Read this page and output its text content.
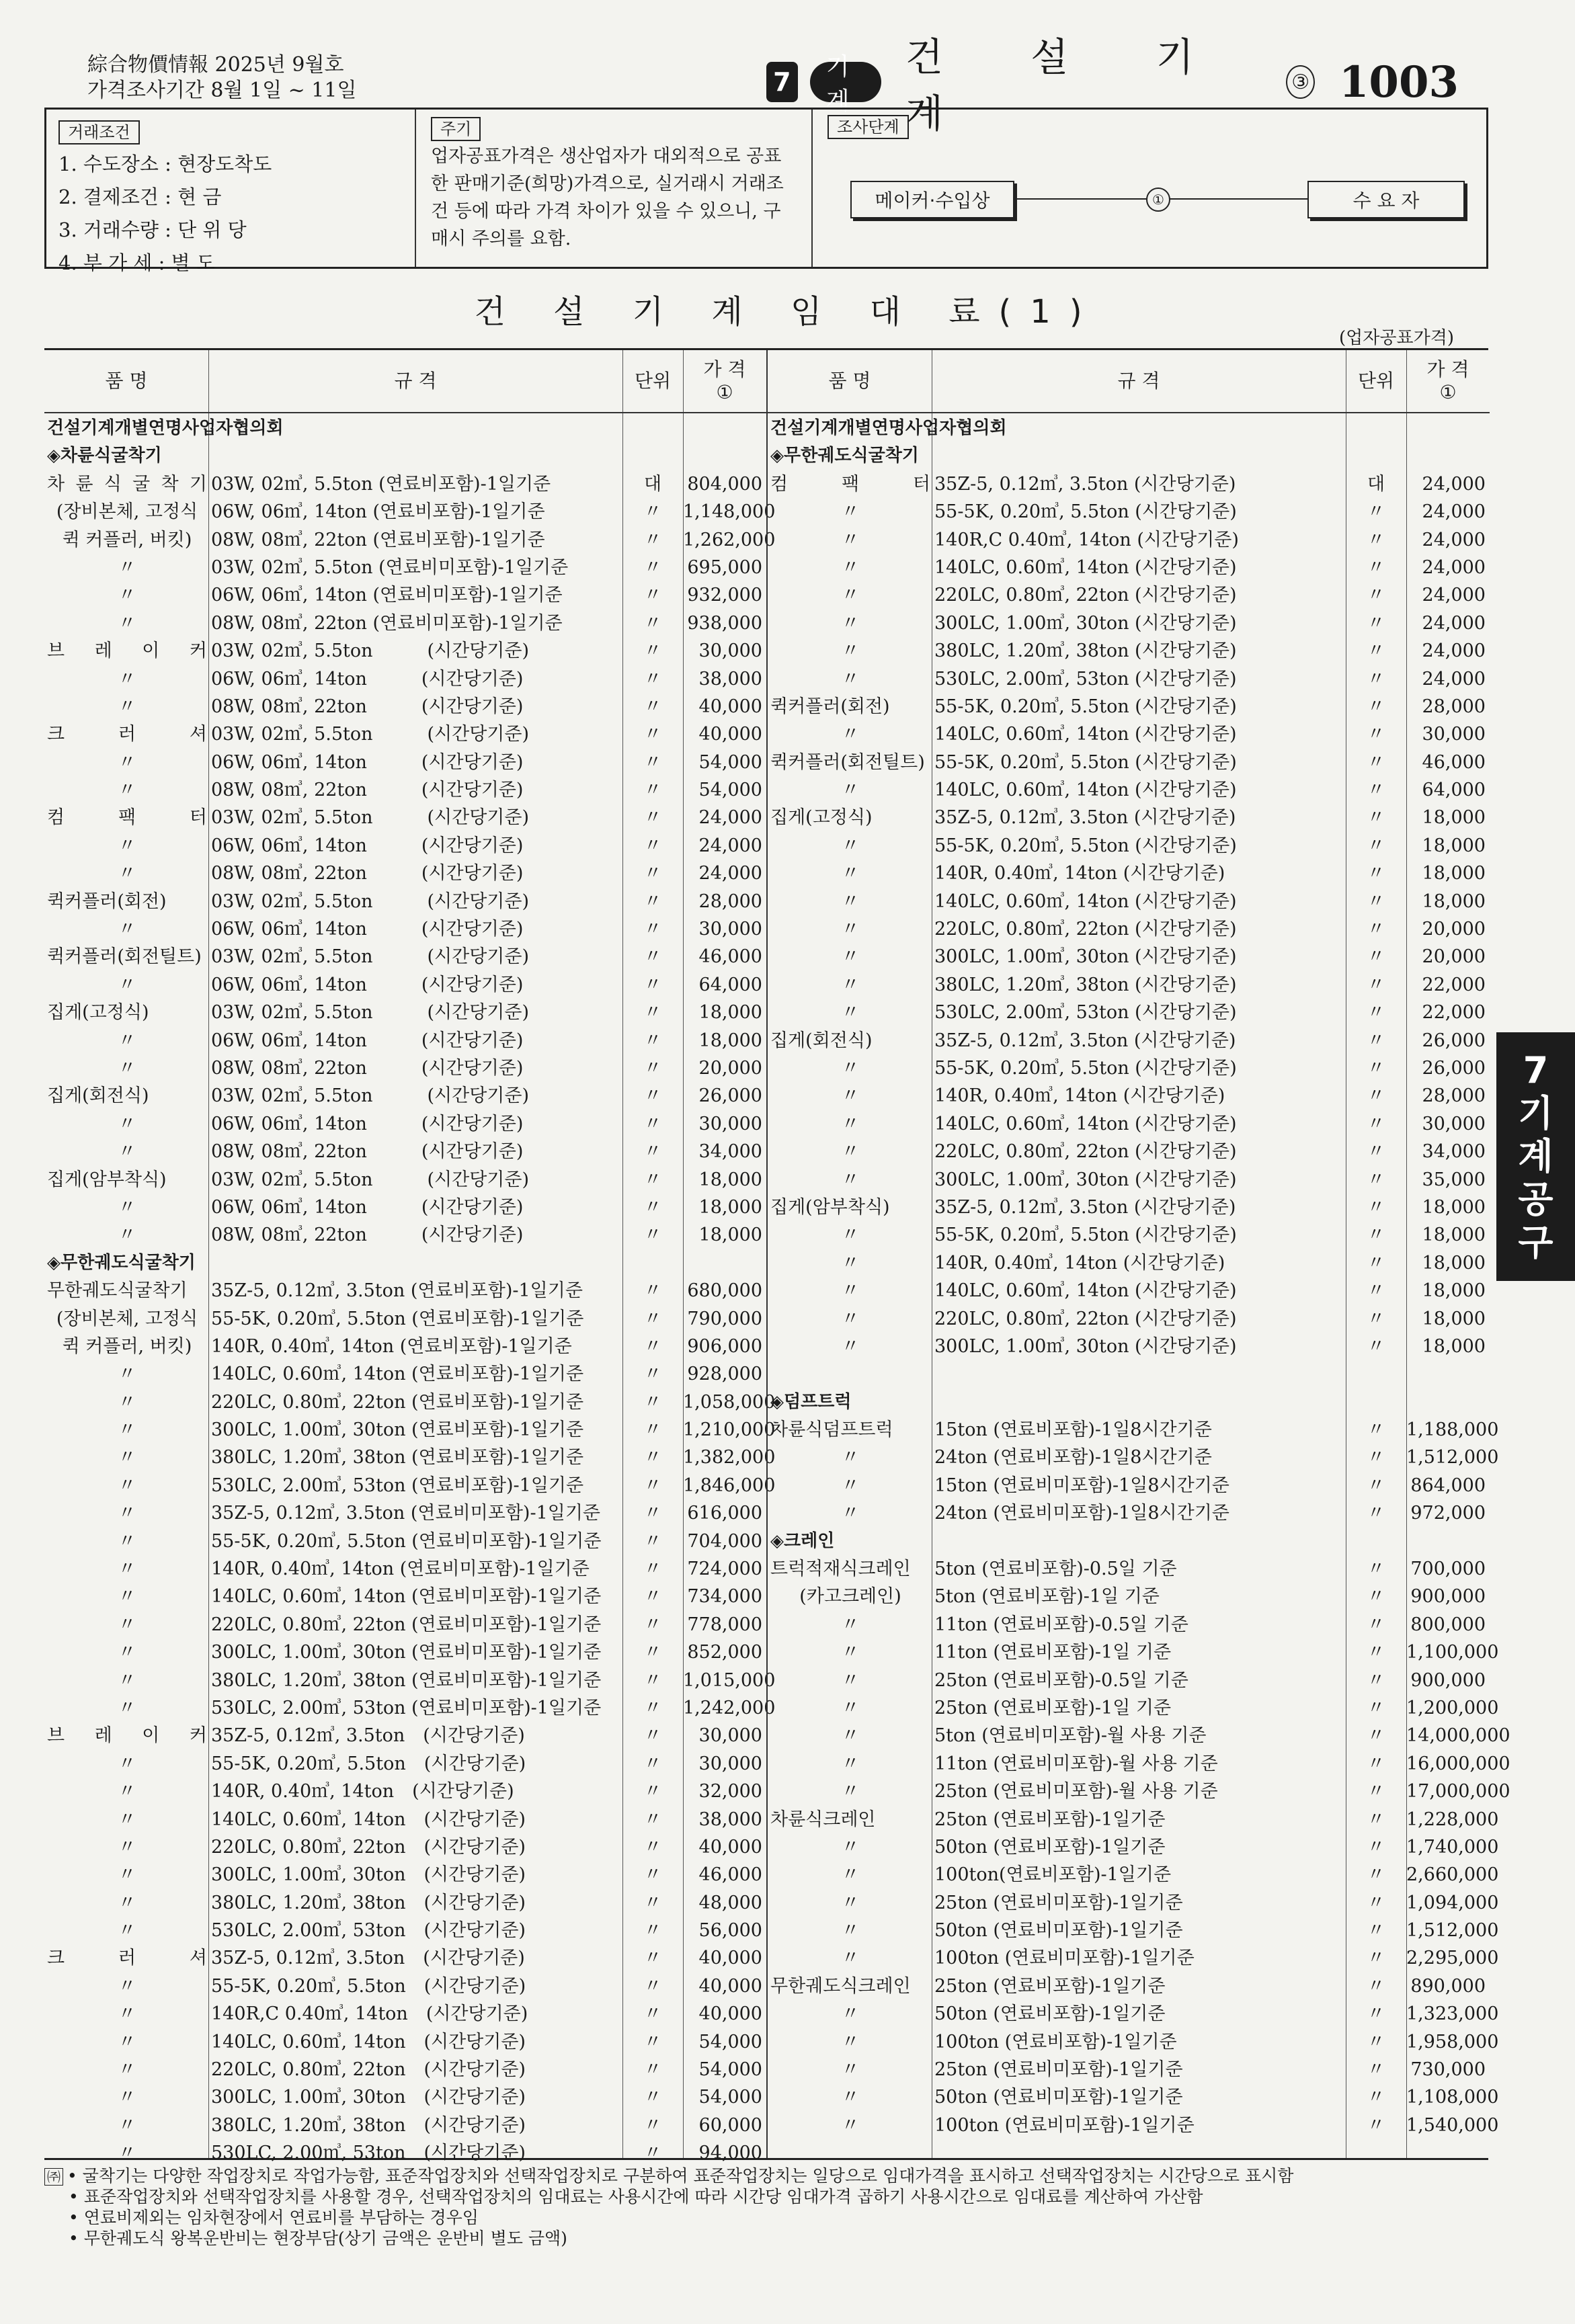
綜合物價情報 2025년 9월호
가격조사기간 8월 1일 ~ 11일	7
기계
건 설 기 계
③ 1003
거래조건
1. 수도장소 : 현장도착도
2. 결제조건 : 현 금
3. 거래수량 : 단 위 당
4. 부 가 세 : 별 도
주기
업자공표가격은 생산업자가 대외적으로 공표한 판매기준(희망)가격으로, 실거래시 거래조건 등에 따라 가격 차이가 있을 수 있으니, 구매시 주의를 요함.
조사단계
메이커·수입상	①	수 요 자
건 설 기 계 임 대 료(1)
(업자공표가격)
품 명	규 격	단위
가 격
①
건설기계개별연명사업자협의회
◈차륜식굴착기
차 륜 식 굴 착 기 03W, 02㎥, 5.5ton (연료비포함)-1일기준	대	804,000
(장비본체, 고정식 06W, 06㎥, 14ton (연료비포함)-1일기준	〃	1,148,000
퀵 커플러, 버킷)	08W, 08㎥, 22ton (연료비포함)-1일기준	〃	1,262,000
〃	03W, 02㎥, 5.5ton (연료비미포함)-1일기준	〃	695,000
〃	06W, 06㎥, 14ton (연료비미포함)-1일기준	〃	932,000
〃	08W, 08㎥, 22ton (연료비미포함)-1일기준	〃	938,000
브 레 이 커 03W, 02㎥, 5.5ton　　　(시간당기준)	〃	30,000
〃	06W, 06㎥, 14ton　　　(시간당기준)	〃	38,000
〃	08W, 08㎥, 22ton　　　(시간당기준)	〃	40,000
크 러 셔 03W, 02㎥, 5.5ton　　　(시간당기준)	〃	40,000
〃	06W, 06㎥, 14ton　　　(시간당기준)	〃	54,000
〃	08W, 08㎥, 22ton　　　(시간당기준)	〃	54,000
컴 팩 터 03W, 02㎥, 5.5ton　　　(시간당기준)	〃	24,000
〃	06W, 06㎥, 14ton　　　(시간당기준)	〃	24,000
〃	08W, 08㎥, 22ton　　　(시간당기준)	〃	24,000
퀵커플러(회전)	03W, 02㎥, 5.5ton　　　(시간당기준)	〃	28,000
〃	06W, 06㎥, 14ton　　　(시간당기준)	〃	30,000
퀵커플러(회전틸트) 03W, 02㎥, 5.5ton　　　(시간당기준)	〃	46,000
〃	06W, 06㎥, 14ton　　　(시간당기준)	〃	64,000
집게(고정식)	03W, 02㎥, 5.5ton　　　(시간당기준)	〃	18,000
〃	06W, 06㎥, 14ton　　　(시간당기준)	〃	18,000
〃	08W, 08㎥, 22ton　　　(시간당기준)	〃	20,000
집게(회전식)	03W, 02㎥, 5.5ton　　　(시간당기준)	〃	26,000
〃	06W, 06㎥, 14ton　　　(시간당기준)	〃	30,000
〃	08W, 08㎥, 22ton　　　(시간당기준)	〃	34,000
집게(암부착식)	03W, 02㎥, 5.5ton　　　(시간당기준)	〃	18,000
〃	06W, 06㎥, 14ton　　　(시간당기준)	〃	18,000
〃	08W, 08㎥, 22ton　　　(시간당기준)	〃	18,000
◈무한궤도식굴착기
무한궤도식굴착기	35Z-5, 0.12㎥, 3.5ton (연료비포함)-1일기준	〃	680,000
(장비본체, 고정식 55-5K, 0.20㎥, 5.5ton (연료비포함)-1일기준	〃	790,000
퀵 커플러, 버킷)	140R, 0.40㎥, 14ton (연료비포함)-1일기준	〃	906,000
〃	140LC, 0.60㎥, 14ton (연료비포함)-1일기준	〃	928,000
〃	220LC, 0.80㎥, 22ton (연료비포함)-1일기준	〃	1,058,000
〃	300LC, 1.00㎥, 30ton (연료비포함)-1일기준	〃	1,210,000
〃	380LC, 1.20㎥, 38ton (연료비포함)-1일기준	〃	1,382,000
〃	530LC, 2.00㎥, 53ton (연료비포함)-1일기준	〃	1,846,000
〃	35Z-5, 0.12㎥, 3.5ton (연료비미포함)-1일기준	〃	616,000
〃	55-5K, 0.20㎥, 5.5ton (연료비미포함)-1일기준	〃	704,000
〃	140R, 0.40㎥, 14ton (연료비미포함)-1일기준	〃	724,000
〃	140LC, 0.60㎥, 14ton (연료비미포함)-1일기준	〃	734,000
〃	220LC, 0.80㎥, 22ton (연료비미포함)-1일기준	〃	778,000
〃	300LC, 1.00㎥, 30ton (연료비미포함)-1일기준	〃	852,000
〃	380LC, 1.20㎥, 38ton (연료비미포함)-1일기준	〃	1,015,000
〃	530LC, 2.00㎥, 53ton (연료비미포함)-1일기준	〃	1,242,000
브 레 이 커 35Z-5, 0.12㎥, 3.5ton　(시간당기준)	〃	30,000
〃	55-5K, 0.20㎥, 5.5ton　(시간당기준)	〃	30,000
〃	140R, 0.40㎥, 14ton　(시간당기준)	〃	32,000
〃	140LC, 0.60㎥, 14ton　(시간당기준)	〃	38,000
〃	220LC, 0.80㎥, 22ton　(시간당기준)	〃	40,000
〃	300LC, 1.00㎥, 30ton　(시간당기준)	〃	46,000
〃	380LC, 1.20㎥, 38ton　(시간당기준)	〃	48,000
〃	530LC, 2.00㎥, 53ton　(시간당기준)	〃	56,000
크 러 셔 35Z-5, 0.12㎥, 3.5ton　(시간당기준)	〃	40,000
〃	55-5K, 0.20㎥, 5.5ton　(시간당기준)	〃	40,000
〃	140R,C 0.40㎥, 14ton　(시간당기준)	〃	40,000
〃	140LC, 0.60㎥, 14ton　(시간당기준)	〃	54,000
〃	220LC, 0.80㎥, 22ton　(시간당기준)	〃	54,000
〃	300LC, 1.00㎥, 30ton　(시간당기준)	〃	54,000
〃	380LC, 1.20㎥, 38ton　(시간당기준)	〃	60,000
〃	530LC, 2.00㎥, 53ton　(시간당기준)	〃	94,000
품 명	규 격	단위
가 격
①
건설기계개별연명사업자협의회
◈무한궤도식굴착기
컴 팩 터 35Z-5, 0.12㎥, 3.5ton (시간당기준)	대	24,000
〃	55-5K, 0.20㎥, 5.5ton (시간당기준)	〃	24,000
〃	140R,C 0.40㎥, 14ton (시간당기준)	〃	24,000
〃	140LC, 0.60㎥, 14ton (시간당기준)	〃	24,000
〃	220LC, 0.80㎥, 22ton (시간당기준)	〃	24,000
〃	300LC, 1.00㎥, 30ton (시간당기준)	〃	24,000
〃	380LC, 1.20㎥, 38ton (시간당기준)	〃	24,000
〃	530LC, 2.00㎥, 53ton (시간당기준)	〃	24,000
퀵커플러(회전)	55-5K, 0.20㎥, 5.5ton (시간당기준)	〃	28,000
〃	140LC, 0.60㎥, 14ton (시간당기준)	〃	30,000
퀵커플러(회전틸트) 55-5K, 0.20㎥, 5.5ton (시간당기준)	〃	46,000
〃	140LC, 0.60㎥, 14ton (시간당기준)	〃	64,000
집게(고정식)	35Z-5, 0.12㎥, 3.5ton (시간당기준)	〃	18,000
〃	55-5K, 0.20㎥, 5.5ton (시간당기준)	〃	18,000
〃	140R, 0.40㎥, 14ton (시간당기준)	〃	18,000
〃	140LC, 0.60㎥, 14ton (시간당기준)	〃	18,000
〃	220LC, 0.80㎥, 22ton (시간당기준)	〃	20,000
〃	300LC, 1.00㎥, 30ton (시간당기준)	〃	20,000
〃	380LC, 1.20㎥, 38ton (시간당기준)	〃	22,000
〃	530LC, 2.00㎥, 53ton (시간당기준)	〃	22,000
집게(회전식)	35Z-5, 0.12㎥, 3.5ton (시간당기준)	〃	26,000
〃	55-5K, 0.20㎥, 5.5ton (시간당기준)	〃	26,000
〃	140R, 0.40㎥, 14ton (시간당기준)	〃	28,000
〃	140LC, 0.60㎥, 14ton (시간당기준)	〃	30,000
〃	220LC, 0.80㎥, 22ton (시간당기준)	〃	34,000
〃	300LC, 1.00㎥, 30ton (시간당기준)	〃	35,000
집게(암부착식)	35Z-5, 0.12㎥, 3.5ton (시간당기준)	〃	18,000
〃	55-5K, 0.20㎥, 5.5ton (시간당기준)	〃	18,000
〃	140R, 0.40㎥, 14ton (시간당기준)	〃	18,000
〃	140LC, 0.60㎥, 14ton (시간당기준)	〃	18,000
〃	220LC, 0.80㎥, 22ton (시간당기준)	〃	18,000
〃	300LC, 1.00㎥, 30ton (시간당기준)	〃	18,000
◈덤프트럭
차륜식덤프트럭	15ton (연료비포함)-1일8시간기준	〃	1,188,000
〃	24ton (연료비포함)-1일8시간기준	〃	1,512,000
〃	15ton (연료비미포함)-1일8시간기준	〃	864,000
〃	24ton (연료비미포함)-1일8시간기준	〃	972,000
◈크레인
트럭적재식크레인	5ton (연료비포함)-0.5일 기준	〃	700,000
(카고크레인)	5ton (연료비포함)-1일 기준	〃	900,000
〃	11ton (연료비포함)-0.5일 기준	〃	800,000
〃	11ton (연료비포함)-1일 기준	〃	1,100,000
〃	25ton (연료비포함)-0.5일 기준	〃	900,000
〃	25ton (연료비포함)-1일 기준	〃	1,200,000
〃	5ton (연료비미포함)-월 사용 기준	〃	14,000,000
〃	11ton (연료비미포함)-월 사용 기준	〃	16,000,000
〃	25ton (연료비미포함)-월 사용 기준	〃	17,000,000
차륜식크레인	25ton (연료비포함)-1일기준	〃	1,228,000
〃	50ton (연료비포함)-1일기준	〃	1,740,000
〃	100ton(연료비포함)-1일기준	〃	2,660,000
〃	25ton (연료비미포함)-1일기준	〃	1,094,000
〃	50ton (연료비미포함)-1일기준	〃	1,512,000
〃	100ton (연료비미포함)-1일기준	〃	2,295,000
무한궤도식크레인	25ton (연료비포함)-1일기준	〃	890,000
〃	50ton (연료비포함)-1일기준	〃	1,323,000
〃	100ton (연료비포함)-1일기준	〃	1,958,000
〃	25ton (연료비미포함)-1일기준	〃	730,000
〃	50ton (연료비미포함)-1일기준	〃	1,108,000
〃	100ton (연료비미포함)-1일기준	〃	1,540,000
7
기
계
공
구
㈜ • 굴착기는 다양한 작업장치로 작업가능함, 표준작업장치와 선택작업장치로 구분하여 표준작업장치는 일당으로 임대가격을 표시하고 선택작업장치는 시간당으로 표시함
• 표준작업장치와 선택작업장치를 사용할 경우, 선택작업장치의 임대료는 사용시간에 따라 시간당 임대가격 곱하기 사용시간으로 임대료를 계산하여 가산함
• 연료비제외는 임차현장에서 연료비를 부담하는 경우임
• 무한궤도식 왕복운반비는 현장부담(상기 금액은 운반비 별도 금액)
